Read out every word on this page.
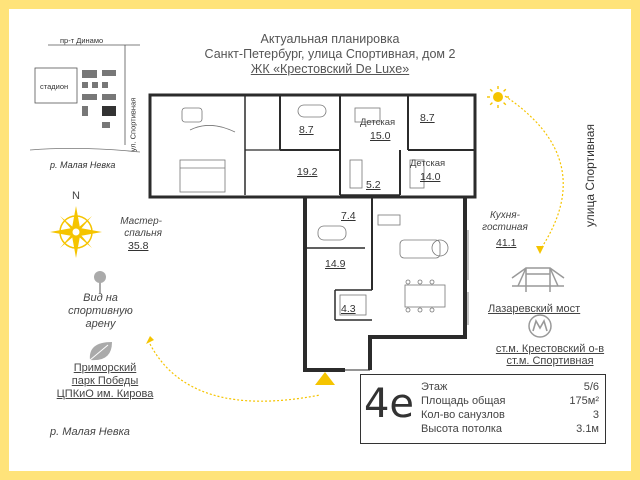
Актуальная планировка
Санкт-Петербург, улица Спортивная, дом 2
ЖК «Крестовский De Luxe»
пр-т Динамо
стадион
ул. Спортивная
р. Малая Невка
N
Вид на
спортивную
арену
Приморский
парк Победы
ЦПКиО им. Кирова
р. Малая Невка
улица Спортивная
Лазаревский мост
ст.м. Крестовский о-в
ст.м. Спортивная
Мастер-
спальня
35.8
8.7
19.2
Детская
15.0
8.7
Детская
14.0
5.2
7.4
14.9
4.3
Кухня-
гостиная
41.1
4е Этаж	5/6
Площадь общая	175м²
Кол-во санузлов	3
Высота потолка	3.1м
